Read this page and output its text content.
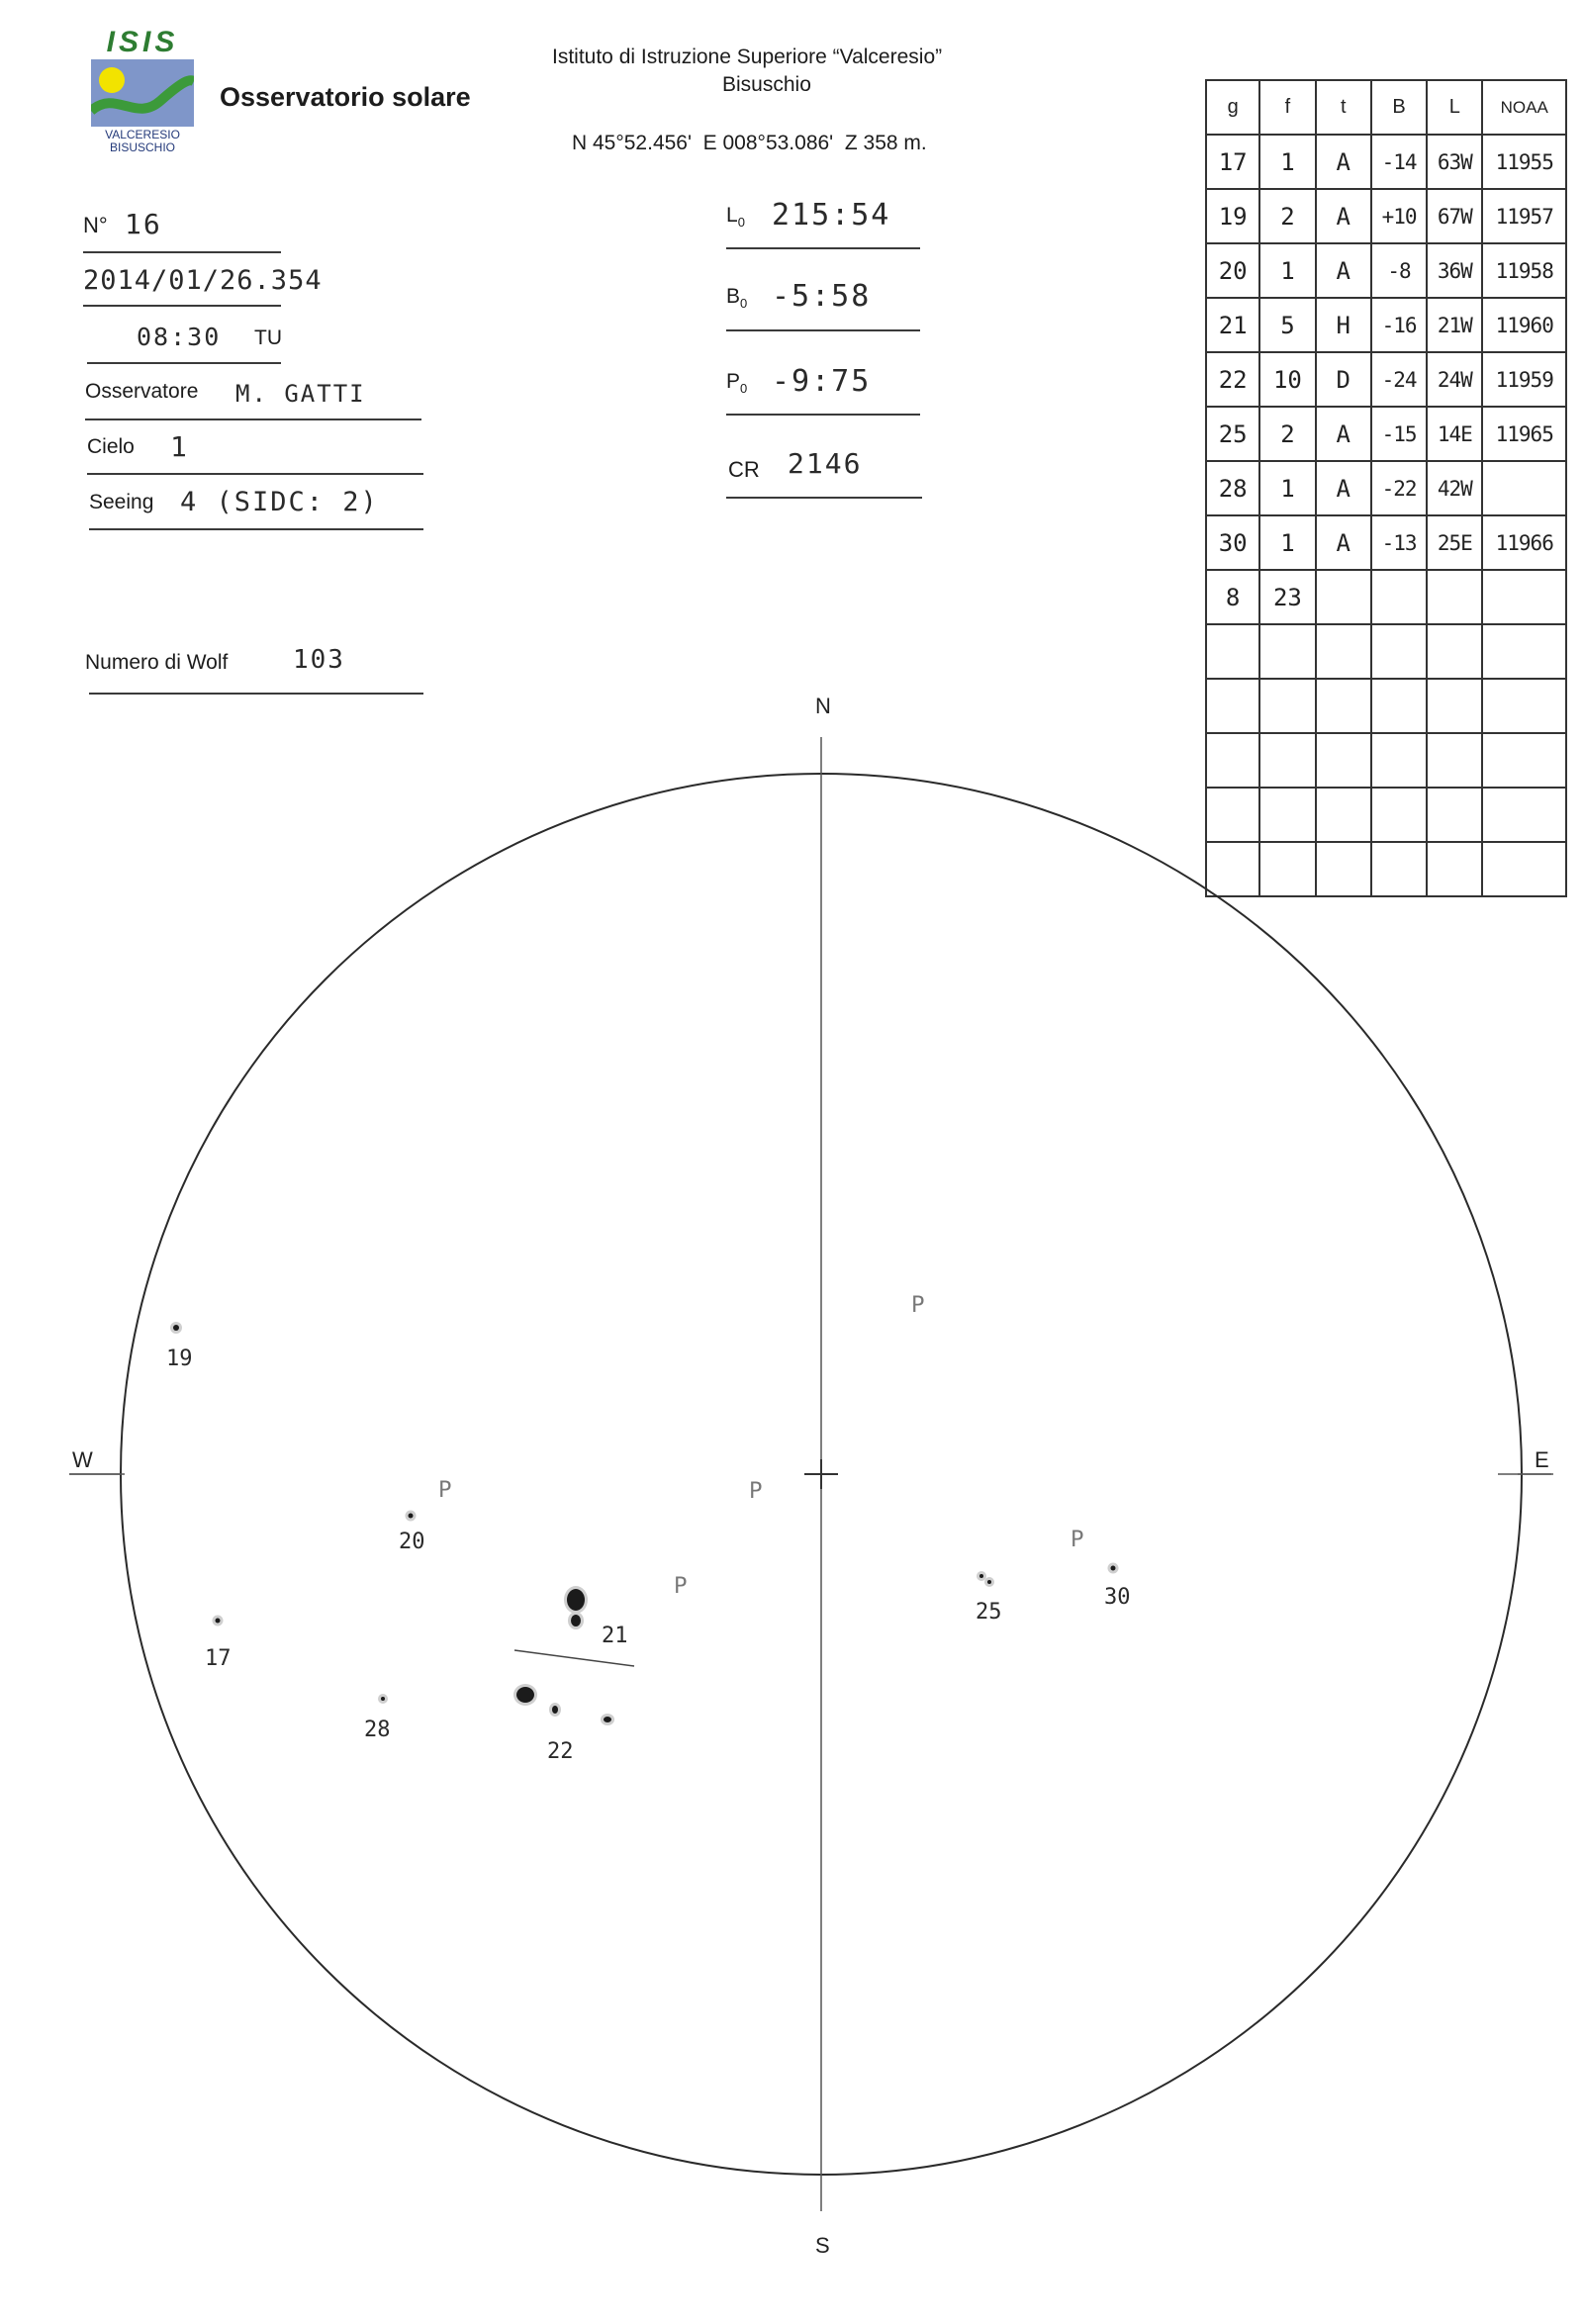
ISIS
VALCERESIO
BISUSCHIO
Osservatorio solare
Istituto di Istruzione Superiore “Valceresio”
Bisuschio
N 45°52.456'  E 008°53.086'  Z 358 m.
N° 16
2014/01/26.354
08:30 TU
Osservatore M. GATTI
Cielo 1
Seeing 4 (SIDC: 2)
Numero di Wolf	103
$L_0$ 215:54
$B_0$ -5:58
$P_0$ -9:75
CR 2146
g	f	t	B	L	NOAA
17	1	A	-14	63W	11955
19	2	A	+10	67W	11957
20	1	A	-8	36W	11958
21	5	H	-16	21W	11960
22	10	D	-24	24W	11959
25	2	A	-15	14E	11965
28	1	A	-22	42W	
30	1	A	-13	25E	11966
8	23				

N
S
W	E
17
19
20
21
22
25
28
30
P
P	P
P
P
